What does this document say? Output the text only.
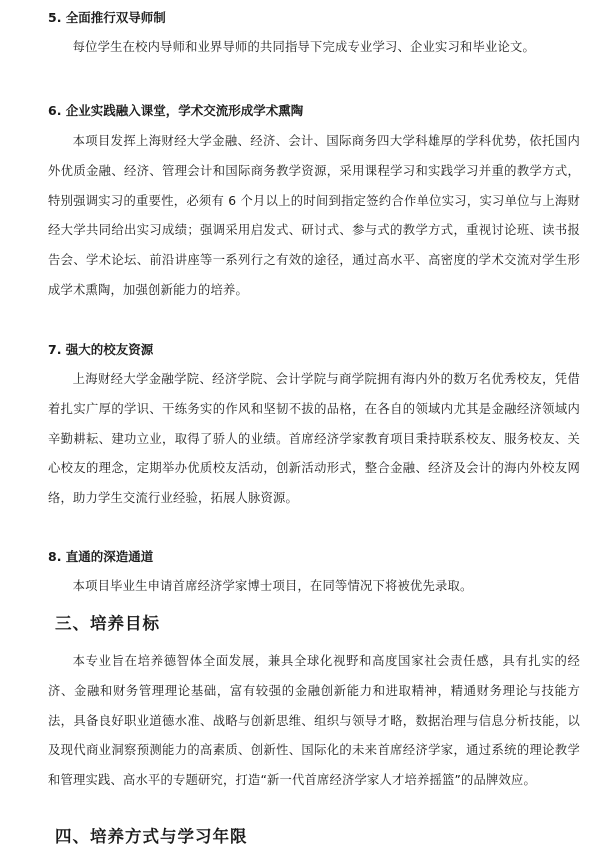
5. 全面推行双导师制

每位学生在校内导师和业界导师的共同指导下完成专业学习、企业实习和毕业论文。

6. 企业实践融入课堂，学术交流形成学术熏陶

本项目发挥上海财经大学金融、经济、会计、国际商务四大学科雄厚的学科优势，依托国内外优质金融、经济、管理会计和国际商务教学资源，采用课程学习和实践学习并重的教学方式，特别强调实习的重要性，必须有 6 个月以上的时间到指定签约合作单位实习，实习单位与上海财经大学共同给出实习成绩；强调采用启发式、研讨式、参与式的教学方式，重视讨论班、读书报告会、学术论坛、前沿讲座等一系列行之有效的途径，通过高水平、高密度的学术交流对学生形成学术熏陶，加强创新能力的培养。

7. 强大的校友资源

上海财经大学金融学院、经济学院、会计学院与商学院拥有海内外的数万名优秀校友，凭借着扎实广厚的学识、干练务实的作风和坚韧不拔的品格，在各自的领域内尤其是金融经济领域内辛勤耕耘、建功立业，取得了骄人的业绩。首席经济学家教育项目秉持联系校友、服务校友、关心校友的理念，定期举办优质校友活动，创新活动形式，整合金融、经济及会计的海内外校友网络，助力学生交流行业经验，拓展人脉资源。

8. 直通的深造通道

本项目毕业生申请首席经济学家博士项目，在同等情况下将被优先录取。

三、培养目标

本专业旨在培养德智体全面发展，兼具全球化视野和高度国家社会责任感，具有扎实的经济、金融和财务管理理论基础，富有较强的金融创新能力和进取精神，精通财务理论与技能方法，具备良好职业道德水准、战略与创新思维、组织与领导才略，数据治理与信息分析技能，以及现代商业洞察预测能力的高素质、创新性、国际化的未来首席经济学家，通过系统的理论教学和管理实践、高水平的专题研究，打造“新一代首席经济学家人才培养摇篮”的品牌效应。

四、培养方式与学习年限
